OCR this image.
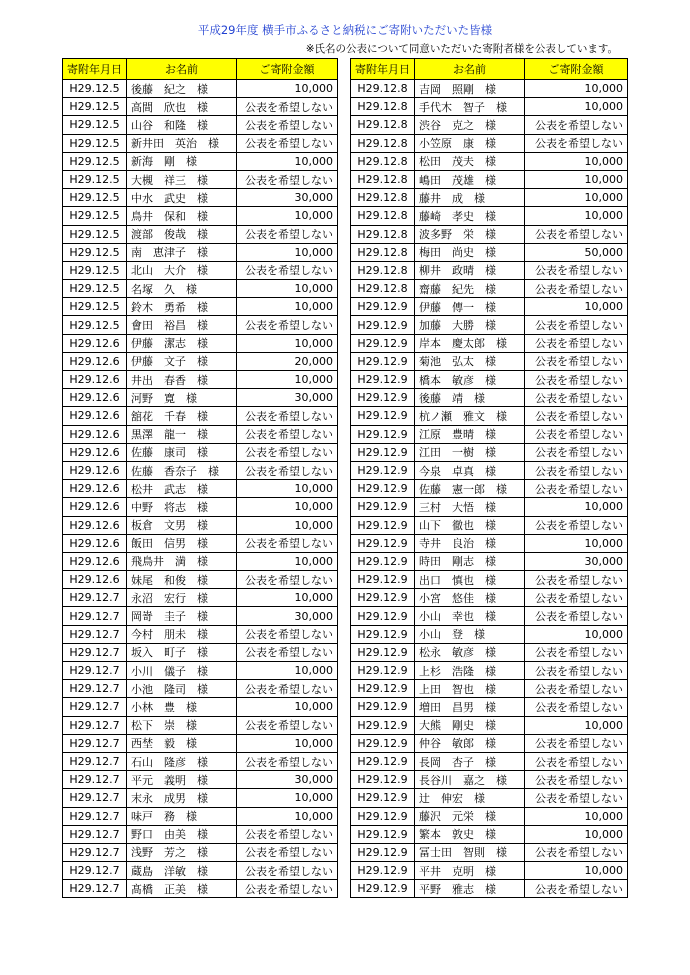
平成29年度 横手市ふるさと納税にご寄附いただいた皆様
※氏名の公表について同意いただいた寄附者様を公表しています。
寄附年月日	お名前	ご寄附金額
H29.12.5	後藤　紀之　様	10,000
H29.12.5	高間　欣也　様	公表を希望しない
H29.12.5	山谷　和隆　様	公表を希望しない
H29.12.5	新井田　英治　様	公表を希望しない
H29.12.5	新海　剛　様	10,000
H29.12.5	大槻　祥三　様	公表を希望しない
H29.12.5	中水　武史　様	30,000
H29.12.5	鳥井　保和　様	10,000
H29.12.5	渡部　俊哉　様	公表を希望しない
H29.12.5	南　恵津子　様	10,000
H29.12.5	北山　大介　様	公表を希望しない
H29.12.5	名塚　久　様	10,000
H29.12.5	鈴木　勇希　様	10,000
H29.12.5	會田　裕昌　様	公表を希望しない
H29.12.6	伊藤　潔志　様	10,000
H29.12.6	伊藤　文子　様	20,000
H29.12.6	井出　春香　様	10,000
H29.12.6	河野　寛　様	30,000
H29.12.6	舘花　千春　様	公表を希望しない
H29.12.6	黒澤　龍一　様	公表を希望しない
H29.12.6	佐藤　康司　様	公表を希望しない
H29.12.6	佐藤　香奈子　様	公表を希望しない
H29.12.6	松井　武志　様	10,000
H29.12.6	中野　将志　様	10,000
H29.12.6	板倉　文男　様	10,000
H29.12.6	飯田　信男　様	公表を希望しない
H29.12.6	飛鳥井　満　様	10,000
H29.12.6	妹尾　和俊　様	公表を希望しない
H29.12.7	永沼　宏行　様	10,000
H29.12.7	岡嵜　圭子　様	30,000
H29.12.7	今村　朋未　様	公表を希望しない
H29.12.7	坂入　町子　様	公表を希望しない
H29.12.7	小川　儀子　様	10,000
H29.12.7	小池　隆司　様	公表を希望しない
H29.12.7	小林　豊　様	10,000
H29.12.7	松下　崇　様	公表を希望しない
H29.12.7	西埜　毅　様	10,000
H29.12.7	石山　隆彦　様	公表を希望しない
H29.12.7	平元　義明　様	30,000
H29.12.7	末永　成男　様	10,000
H29.12.7	味戸　務　様	10,000
H29.12.7	野口　由美　様	公表を希望しない
H29.12.7	浅野　芳之　様	公表を希望しない
H29.12.7	蔵島　洋敏　様	公表を希望しない
H29.12.7	髙橋　正美　様	公表を希望しない
寄附年月日	お名前	ご寄附金額
H29.12.8	吉岡　照剛　様	10,000
H29.12.8	手代木　智子　様	10,000
H29.12.8	渋谷　克之　様	公表を希望しない
H29.12.8	小笠原　康　様	公表を希望しない
H29.12.8	松田　茂夫　様	10,000
H29.12.8	嶋田　茂雄　様	10,000
H29.12.8	藤井　成　様	10,000
H29.12.8	藤崎　孝史　様	10,000
H29.12.8	波多野　栄　様	公表を希望しない
H29.12.8	梅田　尚史　様	50,000
H29.12.8	柳井　政晴　様	公表を希望しない
H29.12.8	齋藤　紀先　様	公表を希望しない
H29.12.9	伊藤　傳一　様	10,000
H29.12.9	加藤　大勝　様	公表を希望しない
H29.12.9	岸本　慶太郎　様	公表を希望しない
H29.12.9	菊池　弘太　様	公表を希望しない
H29.12.9	橋本　敏彦　様	公表を希望しない
H29.12.9	後藤　靖　様	公表を希望しない
H29.12.9	杭ノ瀬　雅文　様	公表を希望しない
H29.12.9	江原　豊晴　様	公表を希望しない
H29.12.9	江田　一樹　様	公表を希望しない
H29.12.9	今泉　卓真　様	公表を希望しない
H29.12.9	佐藤　憲一郎　様	公表を希望しない
H29.12.9	三村　大悟　様	10,000
H29.12.9	山下　徹也　様	公表を希望しない
H29.12.9	寺井　良治　様	10,000
H29.12.9	時田　剛志　様	30,000
H29.12.9	出口　慎也　様	公表を希望しない
H29.12.9	小宮　悠佳　様	公表を希望しない
H29.12.9	小山　幸也　様	公表を希望しない
H29.12.9	小山　登　様	10,000
H29.12.9	松永　敏彦　様	公表を希望しない
H29.12.9	上杉　浩隆　様	公表を希望しない
H29.12.9	上田　智也　様	公表を希望しない
H29.12.9	増田　昌男　様	公表を希望しない
H29.12.9	大熊　剛史　様	10,000
H29.12.9	仲谷　敏郎　様	公表を希望しない
H29.12.9	長岡　杏子　様	公表を希望しない
H29.12.9	長谷川　嘉之　様	公表を希望しない
H29.12.9	辻　伸宏　様	公表を希望しない
H29.12.9	藤沢　元栄　様	10,000
H29.12.9	繁本　敦史　様	10,000
H29.12.9	冨士田　智則　様	公表を希望しない
H29.12.9	平井　克明　様	10,000
H29.12.9	平野　雅志　様	公表を希望しない
